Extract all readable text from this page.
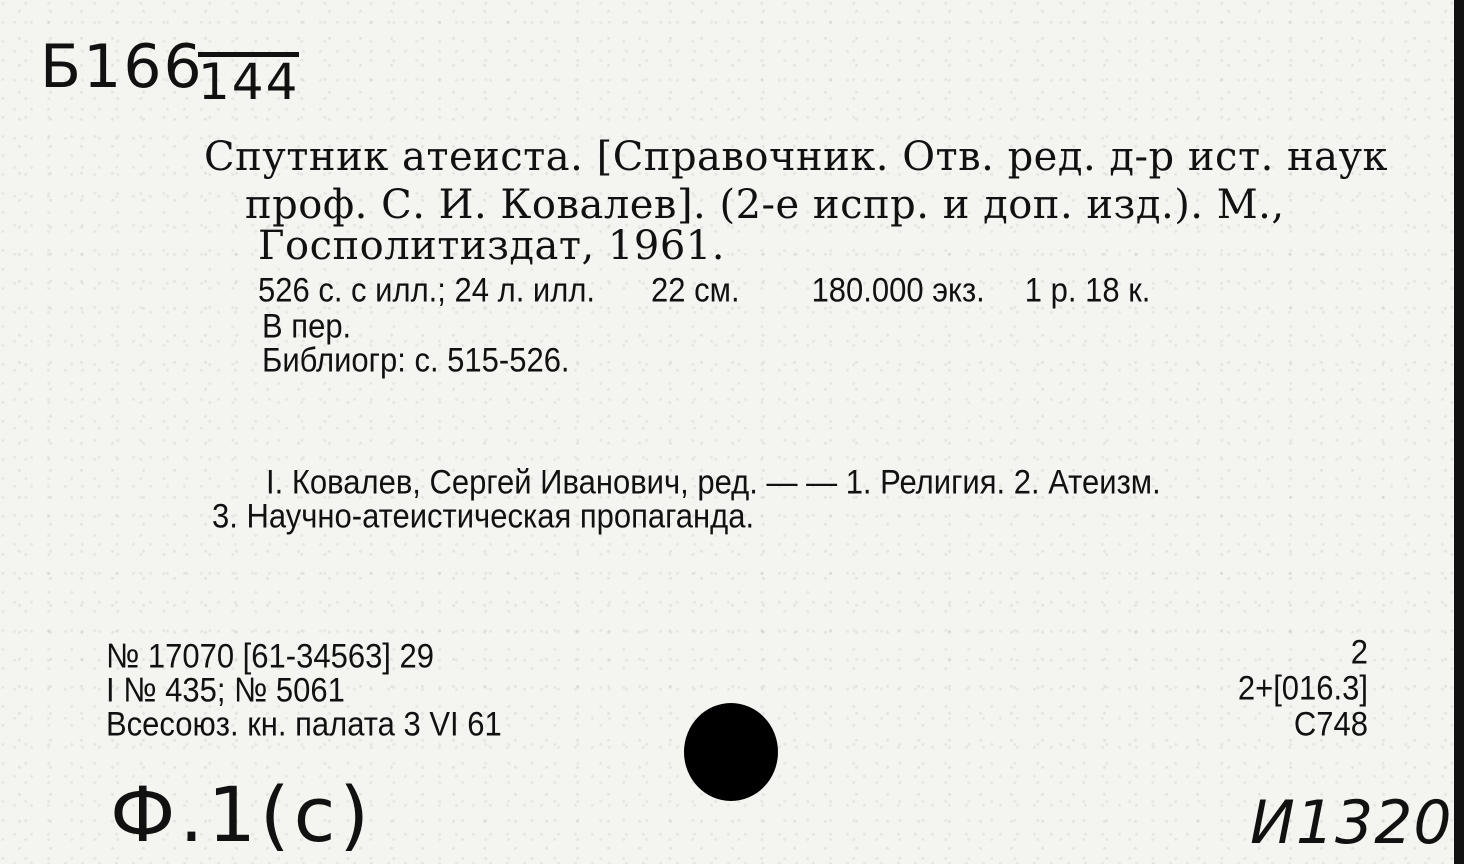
Б166
144
Спутник атеиста. [Справочник. Отв. ред. д-р ист. наук
проф. С. И. Ковалев]. (2-е испр. и доп. изд.). М.,
Госполитиздат, 1961.
526 с. с илл.; 24 л. илл. 22 см. 180.000 экз. 1 р. 18 к.
В пер.
Библиогр: с. 515-526.
I. Ковалев, Сергей Иванович, ред. — — 1. Религия. 2. Атеизм.
3. Научно-атеистическая пропаганда.
№ 17070 [61-34563] 29
I № 435; № 5061
Всесоюз. кн. палата 3 VI 61
2
2+[016.3]
С748
Ф.1(с)	И1320
